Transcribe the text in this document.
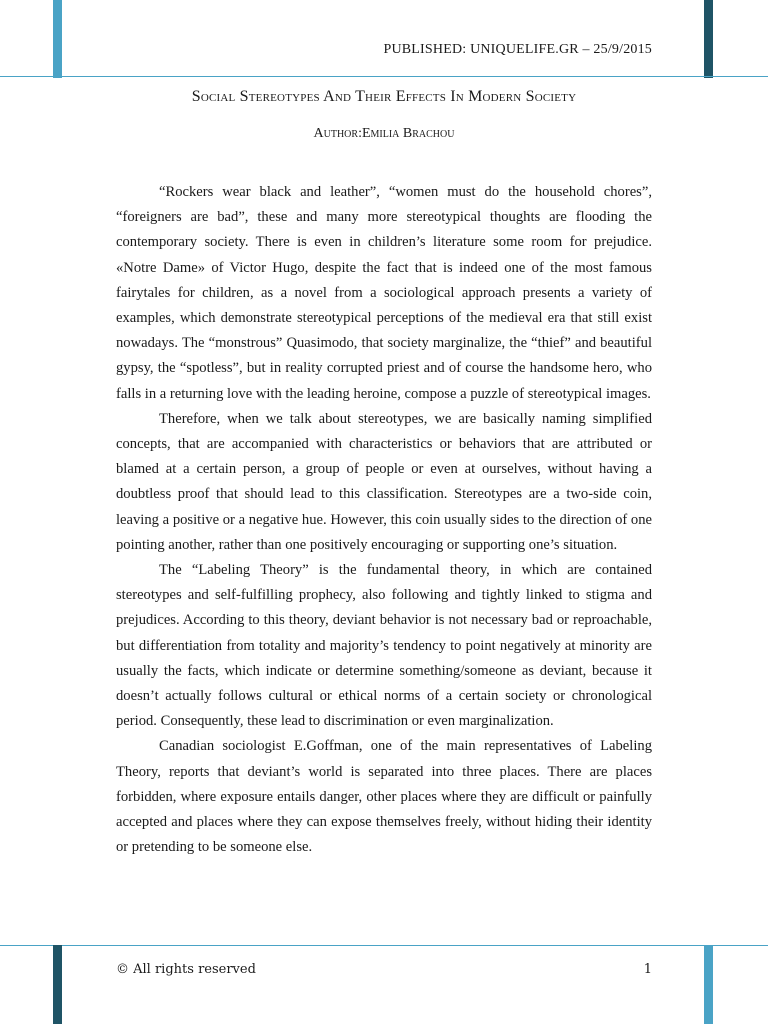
PUBLISHED: UNIQUELIFE.GR – 25/9/2015
Social Stereotypes And Their Effects In Modern Society
Author:Emilia Brachou

“Rockers wear black and leather”, “women must do the household chores”, “foreigners are bad”, these and many more stereotypical thoughts are flooding the contemporary society. There is even in children’s literature some room for prejudice. «Notre Dame» of Victor Hugo, despite the fact that is indeed one of the most famous fairytales for children, as a novel from a sociological approach presents a variety of examples, which demonstrate stereotypical perceptions of the medieval era that still exist nowadays. The “monstrous” Quasimodo, that society marginalize, the “thief” and beautiful gypsy, the “spotless”, but in reality corrupted priest and of course the handsome hero, who falls in a returning love with the leading heroine, compose a puzzle of stereotypical images.

Therefore, when we talk about stereotypes, we are basically naming simplified concepts, that are accompanied with characteristics or behaviors that are attributed or blamed at a certain person, a group of people or even at ourselves, without having a doubtless proof that should lead to this classification. Stereotypes are a two-side coin, leaving a positive or a negative hue. However, this coin usually sides to the direction of one pointing another, rather than one positively encouraging or supporting one’s situation.

The “Labeling Theory” is the fundamental theory, in which are contained stereotypes and self-fulfilling prophecy, also following and tightly linked to stigma and prejudices. According to this theory, deviant behavior is not necessary bad or reproachable, but differentiation from totality and majority’s tendency to point negatively at minority are usually the facts, which indicate or determine something/someone as deviant, because it doesn’t actually follows cultural or ethical norms of a certain society or chronological period. Consequently, these lead to discrimination or even marginalization.

Canadian sociologist E.Goffman, one of the main representatives of Labeling Theory, reports that deviant’s world is separated into three places. There are places forbidden, where exposure entails danger, other places where they are difficult or painfully accepted and places where they can expose themselves freely, without hiding their identity or pretending to be someone else.

© All rights reserved	1
